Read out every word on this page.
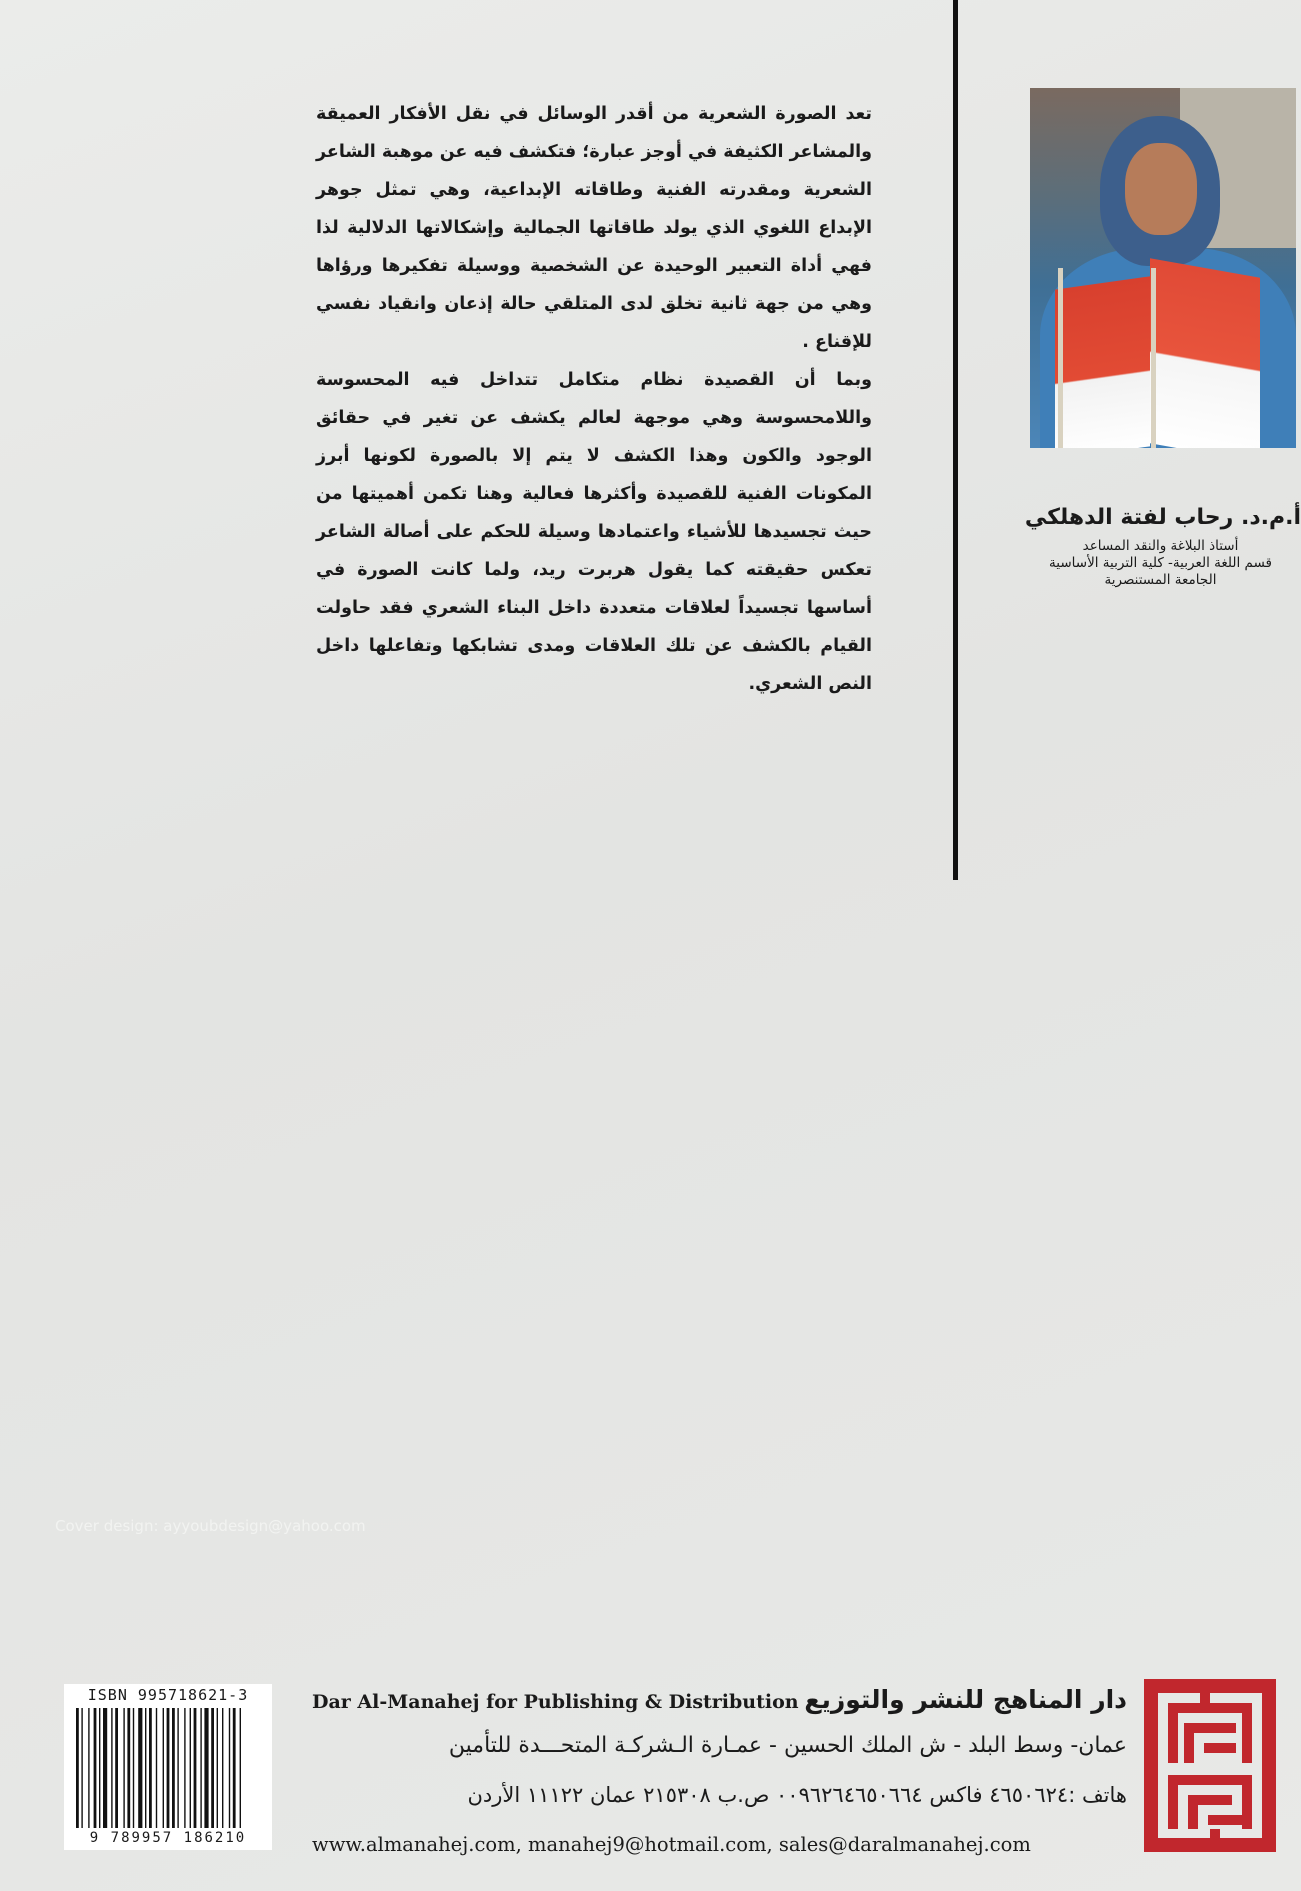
تعد الصورة الشعرية من أقدر الوسائل في نقل الأفكار العميقة والمشاعر الكثيفة في أوجز عبارة؛ فتكشف فيه عن موهبة الشاعر الشعرية ومقدرته الفنية وطاقاته الإبداعية، وهي تمثل جوهر الإبداع اللغوي الذي يولد طاقاتها الجمالية وإشكالاتها الدلالية لذا فهي أداة التعبير الوحيدة عن الشخصية ووسيلة تفكيرها ورؤاها وهي من جهة ثانية تخلق لدى المتلقي حالة إذعان وانقياد نفسي للإقناع .

وبما أن القصيدة نظام متكامل تتداخل فيه المحسوسة واللامحسوسة وهي موجهة لعالم يكشف عن تغير في حقائق الوجود والكون وهذا الكشف لا يتم إلا بالصورة لكونها أبرز المكونات الفنية للقصيدة وأكثرها فعالية وهنا تكمن أهميتها من حيث تجسيدها للأشياء واعتمادها وسيلة للحكم على أصالة الشاعر تعكس حقيقته كما يقول هربرت ريد، ولما كانت الصورة في أساسها تجسيداً لعلاقات متعددة داخل البناء الشعري فقد حاولت القيام بالكشف عن تلك العلاقات ومدى تشابكها وتفاعلها داخل النص الشعري.

أ.م.د. رحاب لفتة الدهلكي
أستاذ البلاغة والنقد المساعد
قسم اللغة العربية- كلية التربية الأساسية
الجامعة المستنصرية
Cover design: ayyoubdesign@yahoo.com
ISBN 995718621-3
9 789957 186210
Dar Al-Manahej for Publishing & Distribution دار المناهج للنشر والتوزيع
عمان- وسط البلد - ش الملك الحسين - عمـارة الـشركـة المتحـــدة للتأمين
هاتف :٤٦٥٠٦٢٤ فاكس ٠٠٩٦٢٦٤٦٥٠٦٦٤ ص.ب ٢١٥٣٠٨ عمان ١١١٢٢ الأردن
www.almanahej.com, manahej9@hotmail.com, sales@daralmanahej.com
